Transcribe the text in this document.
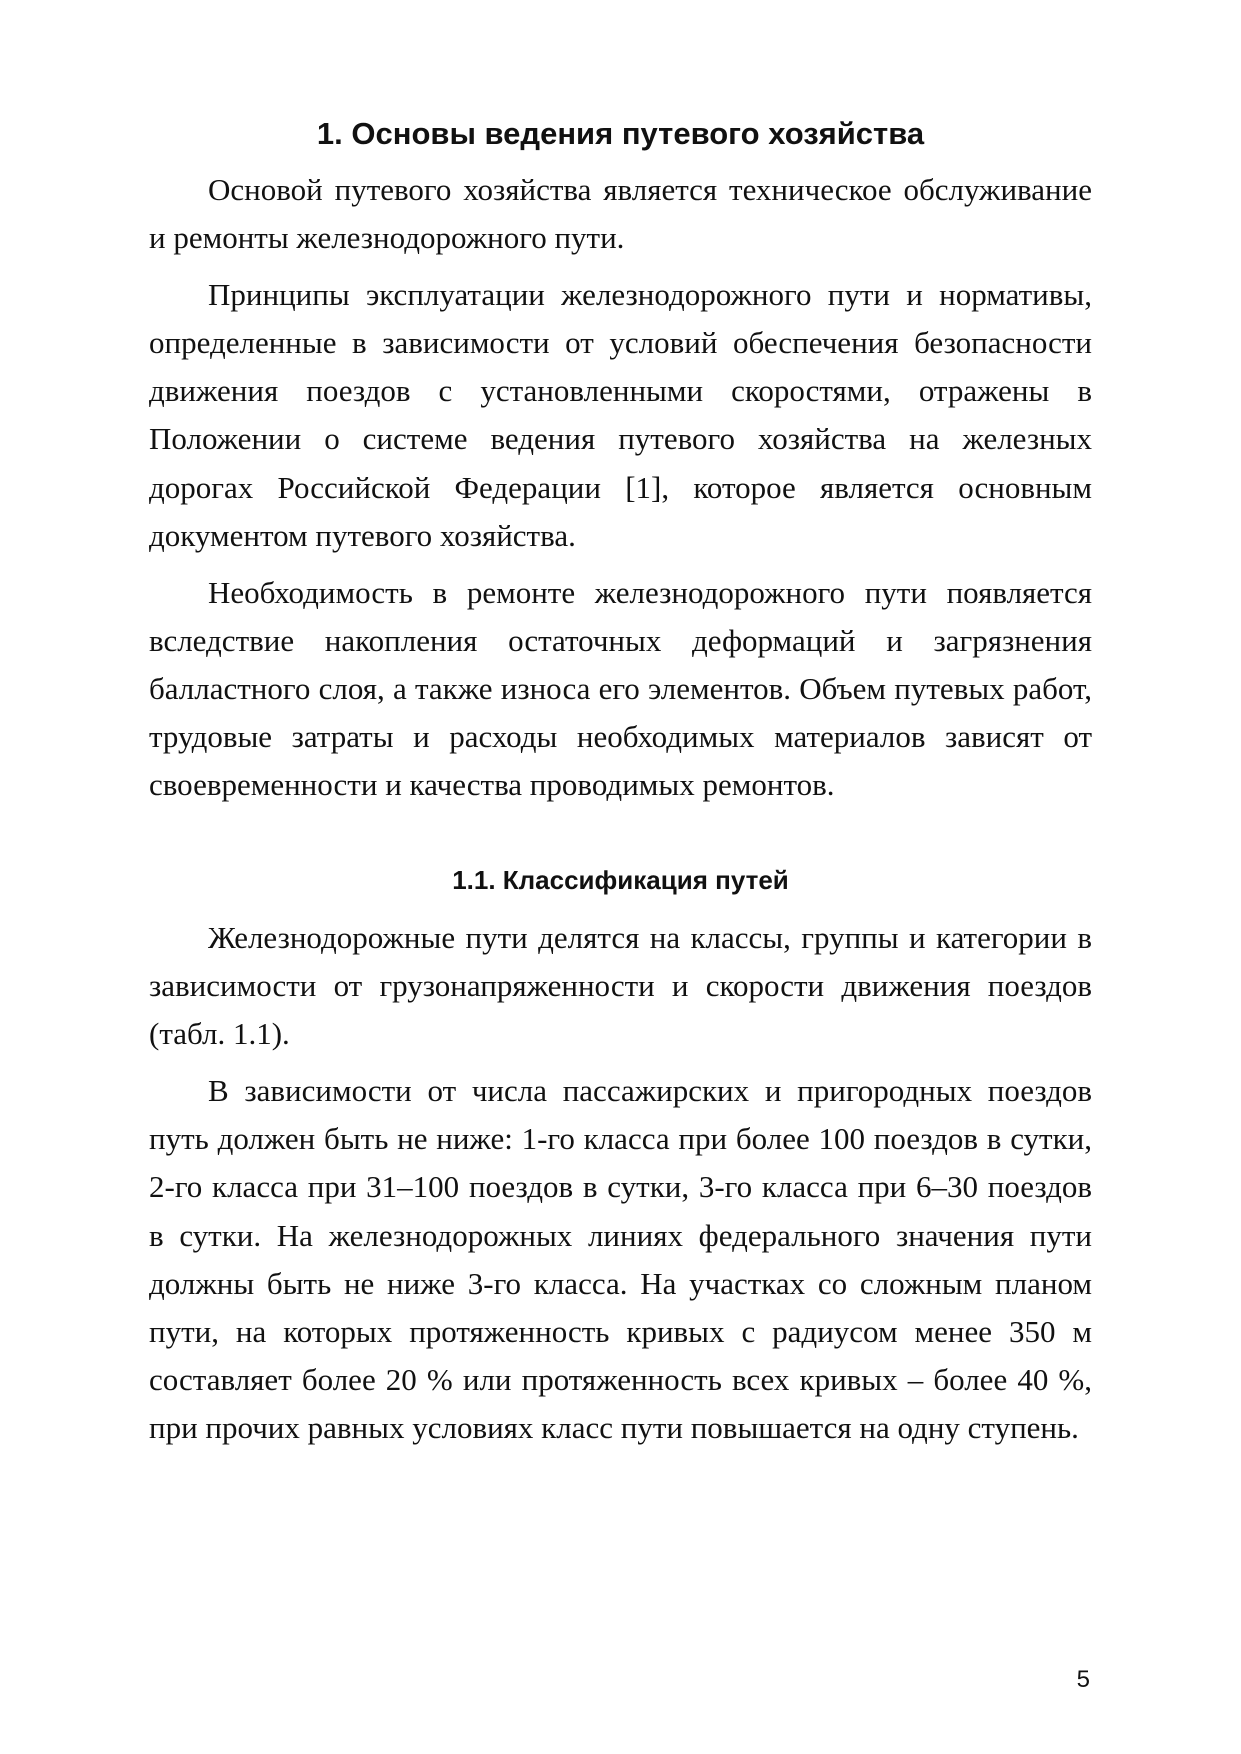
1. Основы ведения путевого хозяйства

Основой путевого хозяйства является техническое обслуживание и ремонты железнодорожного пути.

Принципы эксплуатации железнодорожного пути и нормативы, определенные в зависимости от условий обеспечения безопасности движения поездов с установленными скоростями, отражены в Положении о системе ведения путевого хозяйства на железных дорогах Российской Федерации [1], которое является основным документом путевого хозяйства.

Необходимость в ремонте железнодорожного пути появляется вследствие накопления остаточных деформаций и загрязнения балластного слоя, а также износа его элементов. Объем путевых работ, трудовые затраты и расходы необходимых материалов зависят от своевременности и качества проводимых ремонтов.

1.1. Классификация путей

Железнодорожные пути делятся на классы, группы и категории в зависимости от грузонапряженности и скорости движения поездов (табл. 1.1).

В зависимости от числа пассажирских и пригородных поездов путь должен быть не ниже: 1-го класса при более 100 поездов в сутки, 2-го класса при 31–100 поездов в сутки, 3-го класса при 6–30 поездов в сутки. На железнодорожных линиях федерального значения пути должны быть не ниже 3-го класса. На участках со сложным планом пути, на которых протяженность кривых с радиусом менее 350 м составляет более 20 % или протяженность всех кривых – более 40 %, при прочих равных условиях класс пути повышается на одну ступень.

5
